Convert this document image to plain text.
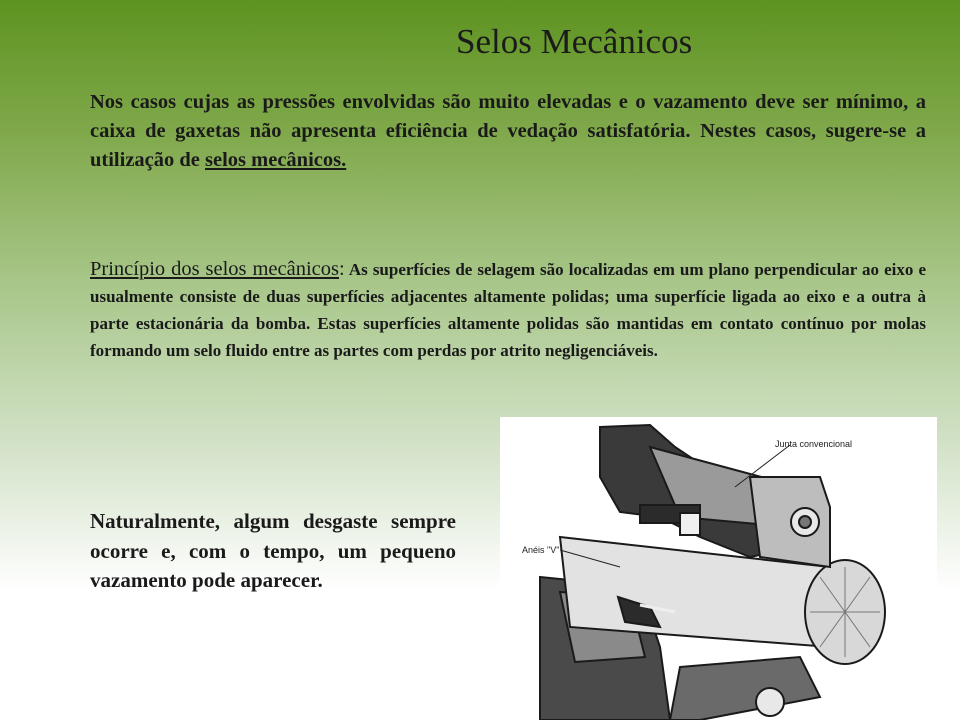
Selos Mecânicos
Nos casos cujas as pressões envolvidas são muito elevadas e o vazamento deve ser mínimo, a caixa de gaxetas não apresenta eficiência de vedação satisfatória. Nestes casos, sugere-se a utilização de selos mecânicos.
Princípio dos selos mecânicos: As superfícies de selagem são localizadas em um plano perpendicular ao eixo e usualmente consiste de duas superfícies adjacentes altamente polidas; uma superfície ligada ao eixo e a outra à parte estacionária da bomba. Estas superfícies altamente polidas são mantidas em contato contínuo por molas formando um selo fluido entre as partes com perdas por atrito negligenciáveis.
Naturalmente, algum desgaste sempre ocorre e, com o tempo, um pequeno vazamento pode aparecer.
Junta convencional
Anéis "V"
